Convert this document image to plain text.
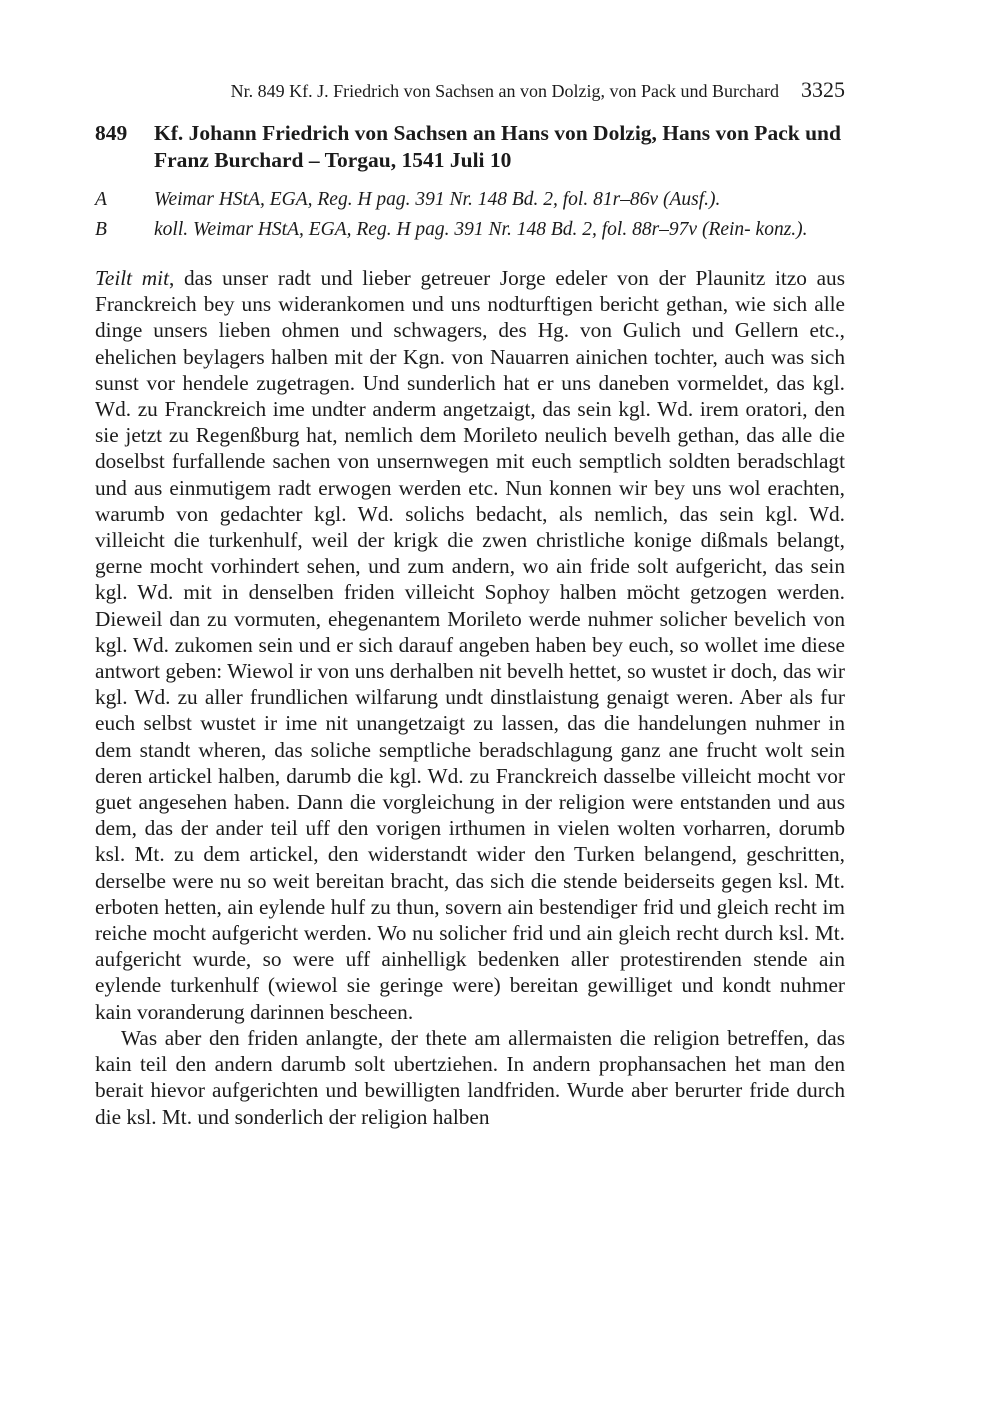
Nr. 849 Kf. J. Friedrich von Sachsen an von Dolzig, von Pack und Burchard 3325
849	Kf. Johann Friedrich von Sachsen an Hans von Dolzig, Hans von Pack und Franz Burchard – Torgau, 1541 Juli 10
A	Weimar HStA, EGA, Reg. H pag. 391 Nr. 148 Bd. 2, fol. 81r–86v (Ausf.).
B	koll. Weimar HStA, EGA, Reg. H pag. 391 Nr. 148 Bd. 2, fol. 88r–97v (Rein- konz.).

Teilt mit, das unser radt und lieber getreuer Jorge edeler von der Plaunitz itzo aus Franckreich bey uns widerankomen und uns nodturftigen bericht gethan, wie sich alle dinge unsers lieben ohmen und schwagers, des Hg. von Gulich und Gellern etc., ehelichen beylagers halben mit der Kgn. von Nauarren ainichen tochter, auch was sich sunst vor hendele zugetragen. Und sunderlich hat er uns daneben vormeldet, das kgl. Wd. zu Franckreich ime undter anderm angetzaigt, das sein kgl. Wd. irem oratori, den sie jetzt zu Regenßburg hat, nemlich dem Morileto neulich bevelh gethan, das alle die doselbst furfallende sachen von unsernwegen mit euch semptlich soldten beradschlagt und aus einmutigem radt erwogen werden etc. Nun konnen wir bey uns wol erachten, warumb von gedachter kgl. Wd. solichs bedacht, als nemlich, das sein kgl. Wd. villeicht die turkenhulf, weil der krigk die zwen christliche konige dißmals belangt, gerne mocht vorhindert sehen, und zum andern, wo ain fride solt aufgericht, das sein kgl. Wd. mit in denselben friden villeicht Sophoy halben möcht getzogen werden. Dieweil dan zu vormuten, ehegenantem Morileto werde nuhmer solicher bevelich von kgl. Wd. zukomen sein und er sich darauf angeben haben bey euch, so wollet ime diese antwort geben: Wiewol ir von uns derhalben nit bevelh hettet, so wustet ir doch, das wir kgl. Wd. zu aller frundlichen wilfarung undt dinstlaistung genaigt weren. Aber als fur euch selbst wustet ir ime nit unangetzaigt zu lassen, das die handelungen nuhmer in dem standt wheren, das soliche semptliche beradschlagung ganz ane frucht wolt sein deren artickel halben, darumb die kgl. Wd. zu Franckreich dasselbe villeicht mocht vor guet angesehen haben. Dann die vorgleichung in der religion were entstanden und aus dem, das der ander teil uff den vorigen irthumen in vielen wolten vorharren, dorumb ksl. Mt. zu dem artickel, den widerstandt wider den Turken belangend, geschritten, derselbe were nu so weit bereitan bracht, das sich die stende beiderseits gegen ksl. Mt. erboten hetten, ain eylende hulf zu thun, sovern ain bestendiger frid und gleich recht im reiche mocht aufgericht werden. Wo nu solicher frid und ain gleich recht durch ksl. Mt. aufgericht wurde, so were uff ainhelligk bedenken aller protestirenden stende ain eylende turkenhulf (wiewol sie geringe were) bereitan gewilliget und kondt nuhmer kain voranderung darinnen bescheen.

Was aber den friden anlangte, der thete am allermaisten die religion betreffen, das kain teil den andern darumb solt ubertziehen. In andern prophansachen het man den berait hievor aufgerichten und bewilligten landfriden. Wurde aber berurter fride durch die ksl. Mt. und sonderlich der religion halben
